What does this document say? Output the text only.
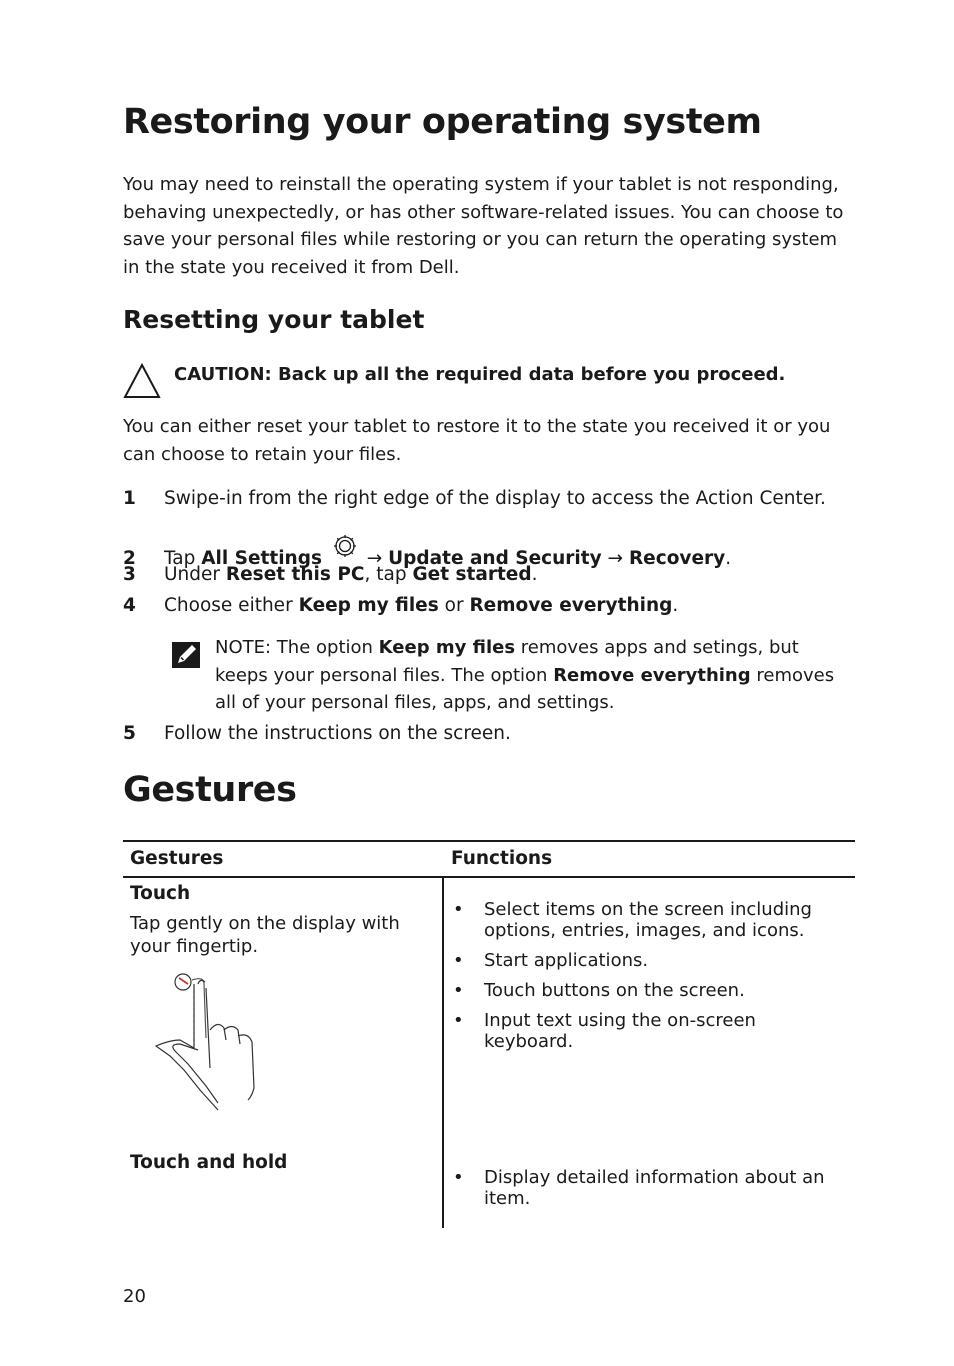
Restoring your operating system
You may need to reinstall the operating system if your tablet is not responding, behaving unexpectedly, or has other software-related issues. You can choose to save your personal files while restoring or you can return the operating system in the state you received it from Dell.
Resetting your tablet
CAUTION: Back up all the required data before you proceed.
You can either reset your tablet to restore it to the state you received it or you can choose to retain your files.
1 Swipe-in from the right edge of the display to access the Action Center.
2 Tap All Settings  → Update and Security → Recovery.
3 Under Reset this PC, tap Get started.
4 Choose either Keep my files or Remove everything.
NOTE: The option Keep my files removes apps and setings, but keeps your personal files. The option Remove everything removes all of your personal files, apps, and settings.
5 Follow the instructions on the screen.
Gestures
Gestures	Functions
Touch
Tap gently on the display with your fingertip.
• Select items on the screen including options, entries, images, and icons.
• Start applications.
• Touch buttons on the screen.
• Input text using the on-screen keyboard.
Touch and hold
• Display detailed information about an item.
20
